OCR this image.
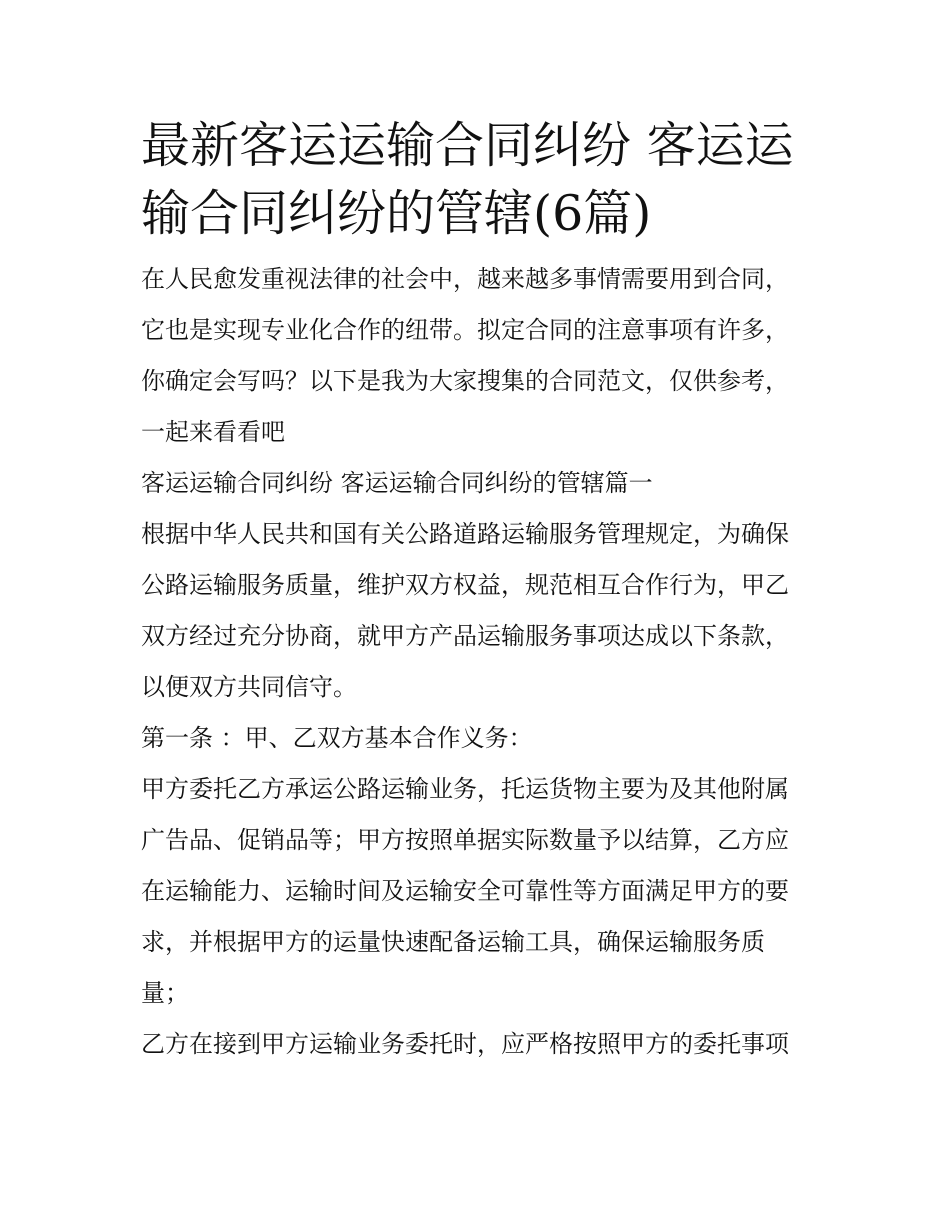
最新客运运输合同纠纷 客运运
输合同纠纷的管辖(6篇)

在人民愈发重视法律的社会中，越来越多事情需要用到合同，
它也是实现专业化合作的纽带。拟定合同的注意事项有许多，
你确定会写吗？以下是我为大家搜集的合同范文，仅供参考，
一起来看看吧

客运运输合同纠纷 客运运输合同纠纷的管辖篇一

根据中华人民共和国有关公路道路运输服务管理规定，为确保
公路运输服务质量，维护双方权益，规范相互合作行为，甲乙
双方经过充分协商，就甲方产品运输服务事项达成以下条款，
以便双方共同信守。

第一条 ：甲、乙双方基本合作义务：

甲方委托乙方承运公路运输业务，托运货物主要为及其他附属
广告品、促销品等；甲方按照单据实际数量予以结算，乙方应
在运输能力、运输时间及运输安全可靠性等方面满足甲方的要
求，并根据甲方的运量快速配备运输工具，确保运输服务质
量；

乙方在接到甲方运输业务委托时，应严格按照甲方的委托事项
